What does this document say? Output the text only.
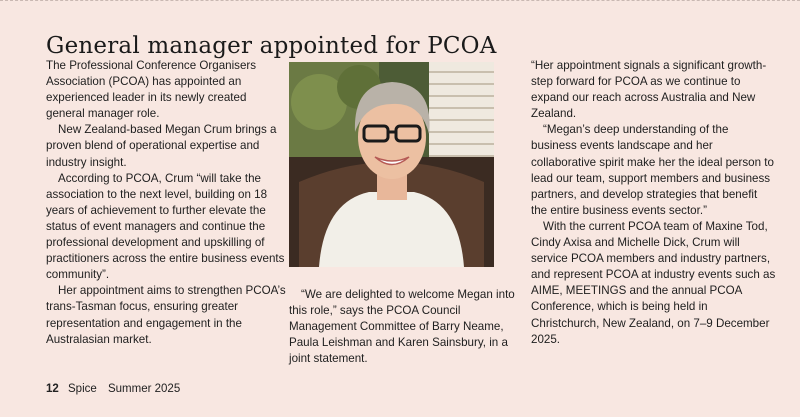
General manager appointed for PCOA

The Professional Conference Organisers Association (PCOA) has appointed an experienced leader in its newly created general manager role.

New Zealand-based Megan Crum brings a proven blend of operational expertise and industry insight.

According to PCOA, Crum “will take the association to the next level, building on 18 years of achievement to further elevate the status of event managers and continue the professional development and upskilling of practitioners across the entire business events community”.

Her appointment aims to strengthen PCOA’s trans-Tasman focus, ensuring greater representation and engagement in the Australasian market.

“We are delighted to welcome Megan into this role,” says the PCOA Council Management Committee of Barry Neame, Paula Leishman and Karen Sainsbury, in a joint statement.

“Her appointment signals a significant growth-step forward for PCOA as we continue to expand our reach across Australia and New Zealand.

“Megan’s deep understanding of the business events landscape and her collaborative spirit make her the ideal person to lead our team, support members and business partners, and develop strategies that benefit the entire business events sector.”

With the current PCOA team of Maxine Tod, Cindy Axisa and Michelle Dick, Crum will service PCOA members and industry partners, and represent PCOA at industry events such as AIME, MEETINGS and the annual PCOA Conference, which is being held in Christchurch, New Zealand, on 7–9 December 2025.

12 Spice Summer 2025
